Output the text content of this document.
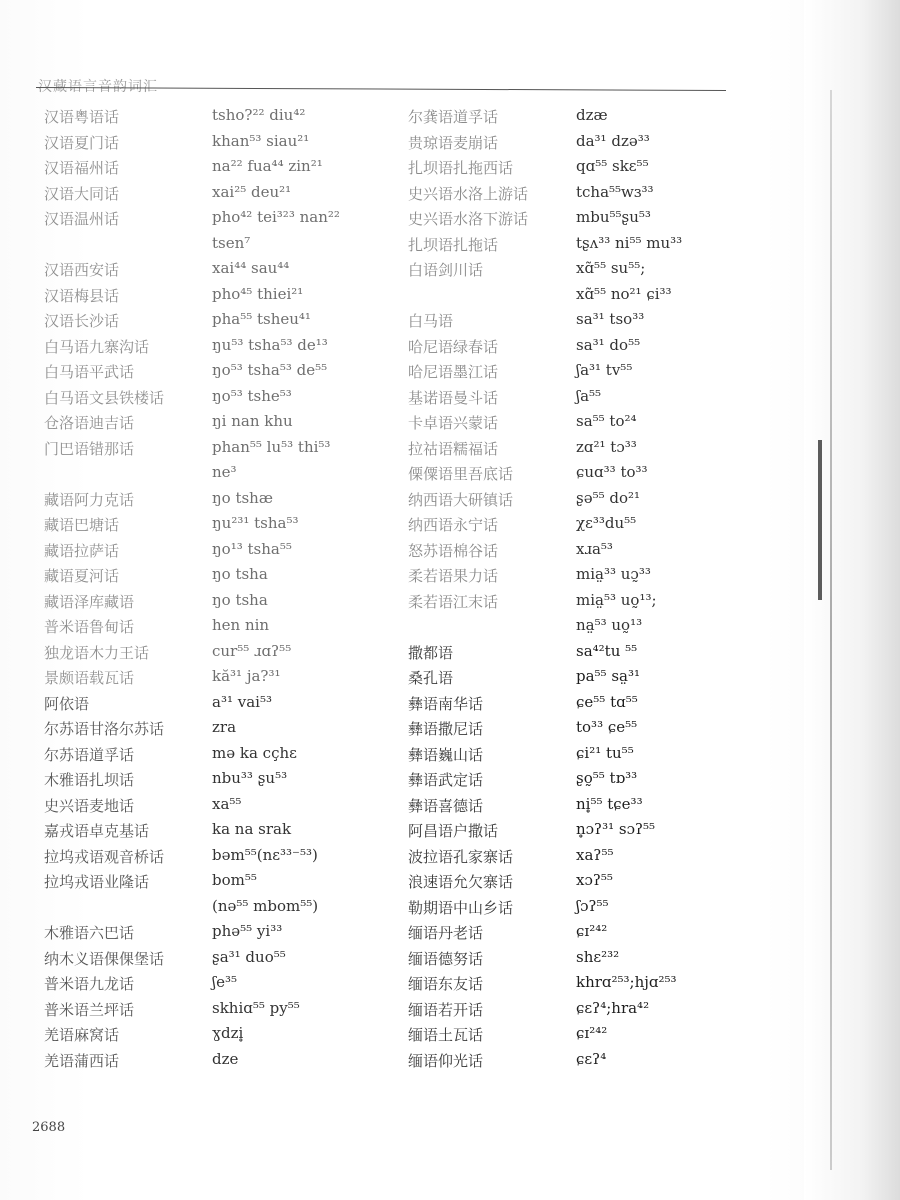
汉藏语言音韵词汇
汉语粤语话	tsho?²² diu⁴²
汉语夏门话	khan⁵³ siau²¹
汉语福州话	na²² fua⁴⁴ zin²¹
汉语大同话	xai²⁵ deu²¹
汉语温州话	pho⁴² tei³²³ nan²²
tsen⁷
汉语西安话	xai⁴⁴ sau⁴⁴
汉语梅县话	pho⁴⁵ thiei²¹
汉语长沙话	pha⁵⁵ tsheu⁴¹
白马语九寨沟话	ŋu⁵³ tsha⁵³ de¹³
白马语平武话	ŋo⁵³ tsha⁵³ de⁵⁵
白马语文县铁楼话	ŋo⁵³ tshe⁵³
仓洛语迪吉话	ŋi nan khu
门巴语错那话	phan⁵⁵ lu⁵³ thi⁵³
ne³
藏语阿力克话	ŋo tshæ
藏语巴塘话	ŋu²³¹ tsha⁵³
藏语拉萨话	ŋo¹³ tsha⁵⁵
藏语夏河话	ŋo tsha
藏语泽库藏语	ŋo tsha
普米语鲁甸话	hen nin
独龙语木力王话	cur⁵⁵ ɹɑʔ⁵⁵
景颇语载瓦话	kă³¹ ja?³¹
阿依语	a³¹ vai⁵³
尔苏语甘洛尔苏话	zra
尔苏语道孚话	mə ka cçhɛ
木雅语扎坝话	nbu³³ ʂu⁵³
史兴语麦地话	xa⁵⁵
嘉戎语卓克基话	ka na srak
拉坞戎语观音桥话	bəm⁵⁵(nɛ³³⁻⁵³)
拉坞戎语业隆话	bom⁵⁵
(nə⁵⁵ mbom⁵⁵)
木雅语六巴话	phə⁵⁵ yi³³
纳木义语倮倮堡话	ʂa³¹ duo⁵⁵
普米语九龙话	ʃe³⁵
普米语兰坪话	skhiɑ⁵⁵ py⁵⁵
羌语麻窝话	ɣdzi̥
羌语蒲西话	dze
尔龚语道孚话	dzæ
贵琼语麦崩话	da³¹ dzə³³
扎坝语扎拖西话	qɑ⁵⁵ skɛ⁵⁵
史兴语水洛上游话	tcha⁵⁵wɜ³³
史兴语水洛下游话	mbu⁵⁵ʂu⁵³
扎坝语扎拖话	tʂʌ³³ ni⁵⁵ mu³³
白语剑川话	xɑ̃⁵⁵ su⁵⁵;
xɑ̃⁵⁵ no²¹ ɕi³³
白马语	sa³¹ tso³³
哈尼语绿春话	sa³¹ do⁵⁵
哈尼语墨江话	ʃa³¹ tv⁵⁵
基诺语曼斗话	ʃa⁵⁵
卡卓语兴蒙话	sa⁵⁵ to²⁴
拉祜语糯福话	zɑ²¹ tɔ³³
傈僳语里吾底话	ɕuɑ³³ to³³
纳西语大研镇话	ʂə⁵⁵ do²¹
纳西语永宁话	χɛ³³du⁵⁵
怒苏语棉谷话	xɹa⁵³
柔若语果力话	mia̤³³ uɔ̰³³
柔若语江末话	mia̤⁵³ uo̰¹³;
na̤⁵³ uo̰¹³
撒都语	sa⁴²tu ⁵⁵
桑孔语	pa⁵⁵ sa̤³¹
彝语南华话	ɕe⁵⁵ tɑ⁵⁵
彝语撒尼话	to³³ ɕe⁵⁵
彝语巍山话	ɕi²¹ tu⁵⁵
彝语武定话	ʂo̰⁵⁵ tɒ³³
彝语喜德话	ni̥⁵⁵ tɕe³³
阿昌语户撒话	n̥ɔʔ³¹ sɔʔ⁵⁵
波拉语孔家寨话	xaʔ⁵⁵
浪速语允欠寨话	xɔʔ⁵⁵
勒期语中山乡话	ʃɔʔ⁵⁵
缅语丹老话	ɕɪ²⁴²
缅语德努话	shɛ²³²
缅语东友话	khrɑ²⁵³;hjɑ²⁵³
缅语若开话	ɕɛʔ⁴;hra⁴²
缅语土瓦话	ɕɪ²⁴²
缅语仰光话	ɕɛʔ⁴
2688
